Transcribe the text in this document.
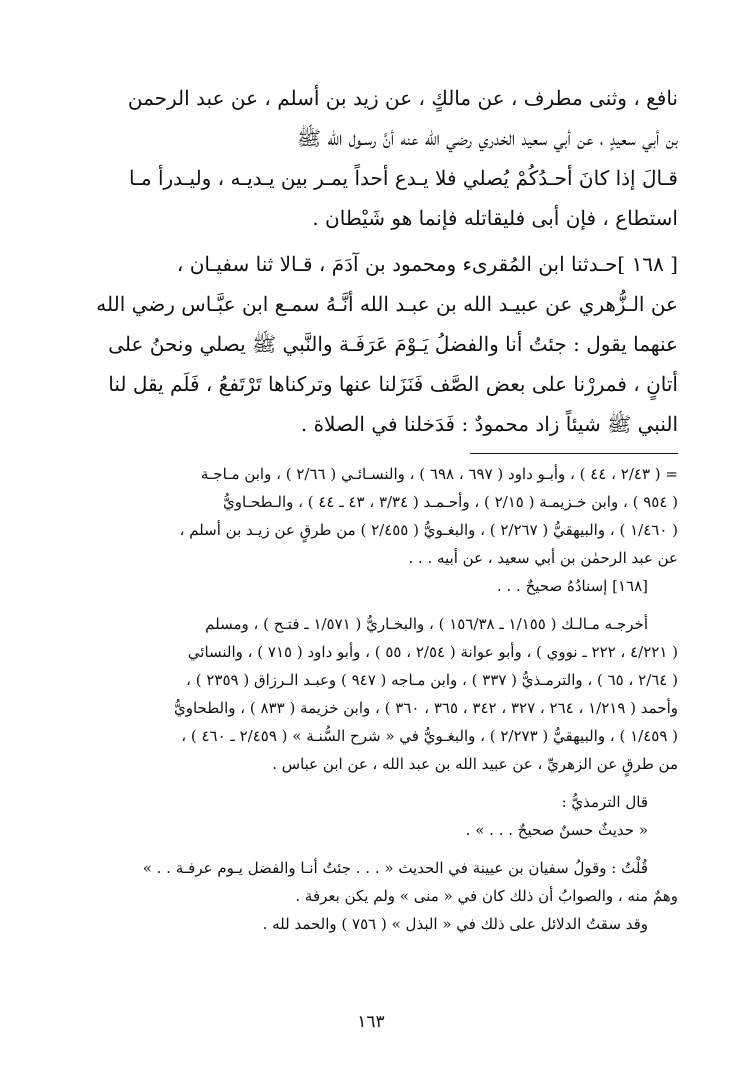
نافع ، وثنى مطرف ، عن مالكٍ ، عن زيد بن أسلم ، عن عبد الرحمن

بن أبي سعيدٍ ، عن أبي سعيد الخدري رضي الله عنه أنَّ رسـول الله ﷺ

قـالَ إذا كانَ أحـدُكُمْ يُصلي فلا يـدع أحداً يمـر بين يـديـه ، وليـدرأ مـا

استطاع ، فإن أبى فليقاتله فإنما هو شَيْطان .

[ ١٦٨ ]حـدثنا ابن المُقرىء ومحمود بن آدَمَ ، قـالا ثنا سفيـان ،

عن الـزُّهري عن عبيـد الله بن عبـد الله أنَّـهُ سمـع ابن عبَّـاس رضي الله

عنهما يقول : جئتُ أنا والفضلُ يَـوْمَ عَرَفَـة والنَّبي ﷺ يصلي ونحنُ على

أتانٍ ، فمررْنا على بعض الصَّف فَنَزَلنا عنها وتركناها تَرْتَفعُ ، فَلَم يقل لنا

النبي ﷺ شيئاً زاد محمودٌ : فَدَخلنا في الصلاة .

= ( ٢/٤٣ ، ٤٤ ) ، وأبـو داود ( ٦٩٧ ، ٦٩٨ ) ، والنسـائـي ( ٢/٦٦ ) ، وابن مـاجـة

( ٩٥٤ ) ، وابن خـزيمـة ( ٢/١٥ ) ، وأحـمـد ( ٣/٣٤ ، ٤٣ ـ ٤٤ ) ، والـطحـاويُّ

( ١/٤٦٠ ) ، والبيهقيُّ ( ٢/٢٦٧ ) ، والبغـويُّ ( ٢/٤٥٥ ) من طرقٍ عن زيـد بن أسلم ،

عن عبد الرحمٰن بن أبي سعيد ، عن أبيه . . .

[١٦٨] إسنادُهُ صحيحٌ . . .

أخرجـه مـالـك ( ١/١٥٥ ـ ١٥٦/٣٨ ) ، والبخـاريُّ ( ١/٥٧١ ـ فتـح ) ، ومسلم

( ٤/٢٢١ ، ٢٢٢ ـ نووي ) ، وأبو عوانة ( ٢/٥٤ ، ٥٥ ) ، وأبو داود ( ٧١٥ ) ، والنسائي

( ٢/٦٤ ، ٦٥ ) ، والترمـذيُّ ( ٣٣٧ ) ، وابن مـاجه ( ٩٤٧ ) وعبـد الـرزاق ( ٢٣٥٩ ) ،

وأحمد ( ١/٢١٩ ، ٢٦٤ ، ٣٢٧ ، ٣٤٢ ، ٣٦٥ ، ٣٦٠ ) ، وابن خزيمة ( ٨٣٣ ) ، والطحاويُّ

( ١/٤٥٩ ) ، والبيهقيُّ ( ٢/٢٧٣ ) ، والبغـويُّ في « شرح السُّنـة » ( ٢/٤٥٩ ـ ٤٦٠ ) ،

من طرقٍ عن الزهريِّ ، عن عبيد الله بن عبد الله ، عن ابن عباس .

قال الترمذيُّ :

« حديثٌ حسنٌ صحيحٌ . . . » .

قُلْتُ : وقولُ سفيان بن عيينة في الحديث « . . . جئتُ أنـا والفضل يـوم عرفـة . . »

وهمٌ منه ، والصوابُ أن ذلك كان في « منى » ولم يكن بعرفة .

وقد سقتُ الدلائل على ذلك في « البذل » ( ٧٥٦ ) والحمد لله .

١٦٣
